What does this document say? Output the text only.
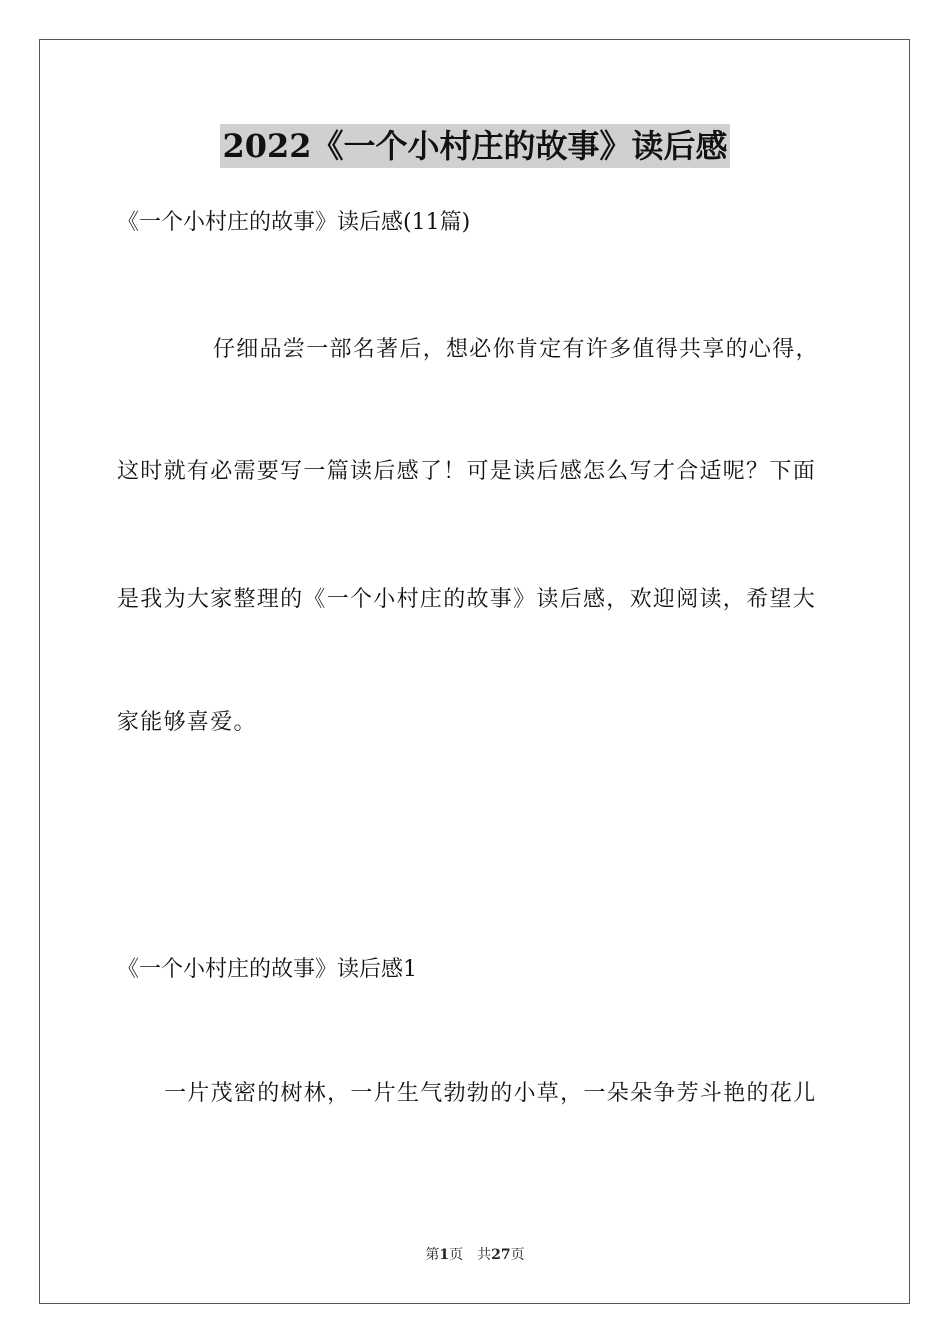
2022《一个小村庄的故事》读后感
《一个小村庄的故事》读后感(11篇)
仔细品尝一部名著后，想必你肯定有许多值得共享的心得，
这时就有必需要写一篇读后感了！可是读后感怎么写才合适呢？下面
是我为大家整理的《一个小村庄的故事》读后感，欢迎阅读，希望大
家能够喜爱。
《一个小村庄的故事》读后感1
一片茂密的树林，一片生气勃勃的小草，一朵朵争芳斗艳的花儿
第1页　共27页
